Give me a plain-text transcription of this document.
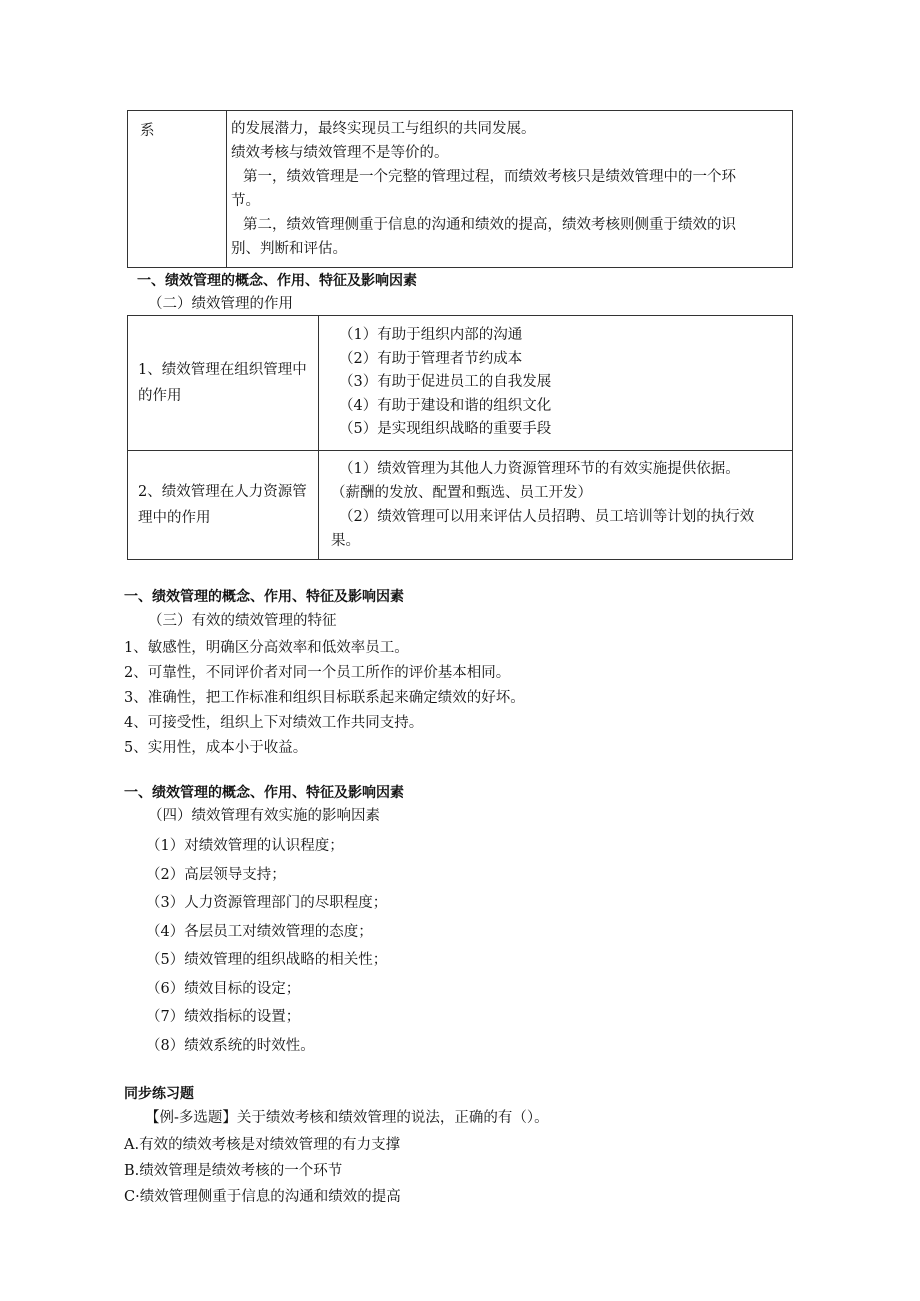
系	的发展潜力，最终实现员工与组织的共同发展。
绩效考核与绩效管理不是等价的。
第一，绩效管理是一个完整的管理过程，而绩效考核只是绩效管理中的一个环
节。
第二，绩效管理侧重于信息的沟通和绩效的提高，绩效考核则侧重于绩效的识
别、判断和评估。
一、绩效管理的概念、作用、特征及影响因素
（二）绩效管理的作用
1、绩效管理在组织管理中
的作用	（1）有助于组织内部的沟通
（2）有助于管理者节约成本
（3）有助于促进员工的自我发展
（4）有助于建设和谐的组织文化
（5）是实现组织战略的重要手段

2、绩效管理在人力资源管
理中的作用	（1）绩效管理为其他人力资源管理环节的有效实施提供依据。
（薪酬的发放、配置和甄选、员工开发）
（2）绩效管理可以用来评估人员招聘、员工培训等计划的执行效
果。
一、绩效管理的概念、作用、特征及影响因素
（三）有效的绩效管理的特征
1、敏感性，明确区分高效率和低效率员工。
2、可靠性，不同评价者对同一个员工所作的评价基本相同。
3、准确性，把工作标准和组织目标联系起来确定绩效的好坏。
4、可接受性，组织上下对绩效工作共同支持。
5、实用性，成本小于收益。
一、绩效管理的概念、作用、特征及影响因素
（四）绩效管理有效实施的影响因素
（1）对绩效管理的认识程度；
（2）高层领导支持；
（3）人力资源管理部门的尽职程度；
（4）各层员工对绩效管理的态度；
（5）绩效管理的组织战略的相关性；
（6）绩效目标的设定；
（7）绩效指标的设置；
（8）绩效系统的时效性。
同步练习题
【例-多选题】关于绩效考核和绩效管理的说法，正确的有（）。
A.有效的绩效考核是对绩效管理的有力支撑
B.绩效管理是绩效考核的一个环节
C·绩效管理侧重于信息的沟通和绩效的提高
